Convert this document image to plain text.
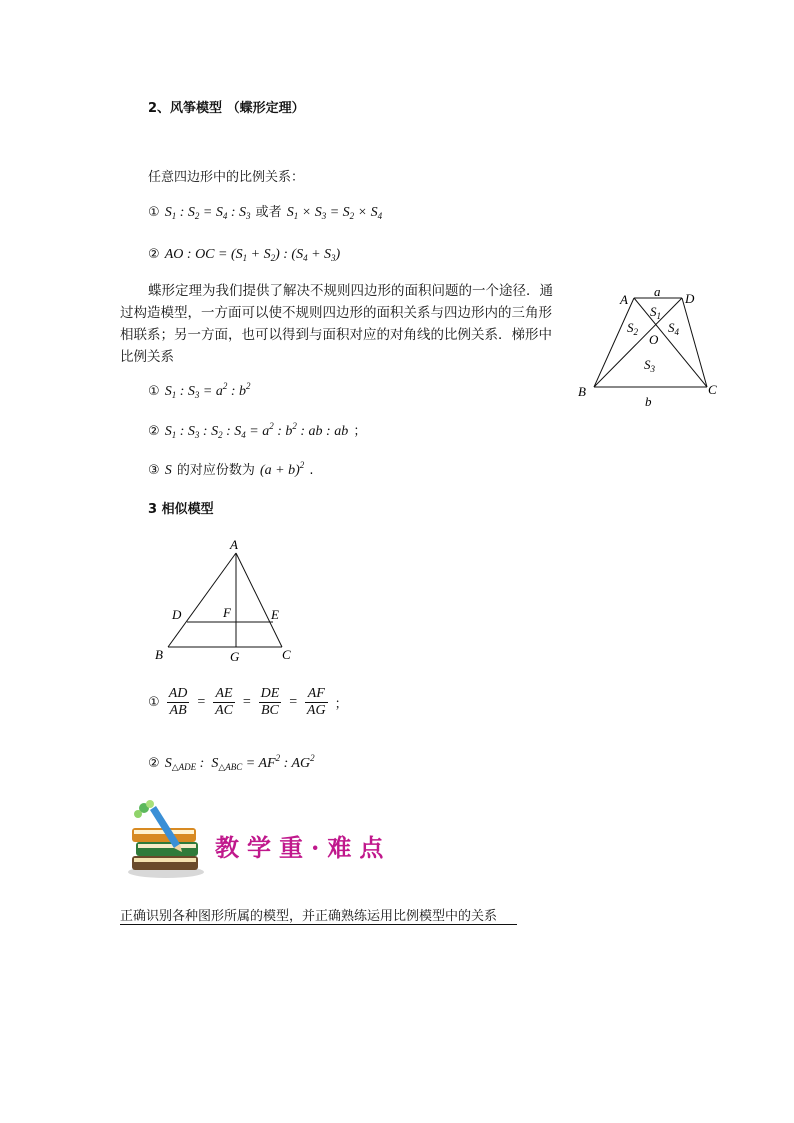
2、风筝模型 （蝶形定理）
任意四边形中的比例关系：
① $S_1$ : $S_2 = S_4$ : $S_3$ 或者 $S_1 \times S_3 = S_2 \times S_4$
② AO : OC = $(S_1 + S_2)$ : $(S_4 + S_3)$
蝶形定理为我们提供了解决不规则四边形的面积问题的一个途径．通过构造模型，一方面可以使不规则四边形的面积关系与四边形内的三角形相联系；另一方面，也可以得到与面积对应的对角线的比例关系．梯形中比例关系
A	D
B	C
a
b
O
$S_1$
$S_2$ $S_4$
$S_3$
① $S_1$ : $S_3 = a^2$ : $b^2$
② $S_1$ : $S_3$ : $S_2$ : $S_4 = a^2$ : $b^2$ : ab : ab ；
③ S 的对应份数为 $(a + b)^2$ .
3 相似模型
A
D	F	E
B	G	C
① $\frac{AD}{AB} = \frac{AE}{AC} = \frac{DE}{BC} = \frac{AF}{AG}$ ；
② $S_{\triangle ADE}$ :  $S_{\triangle ABC} = AF^2$ : $AG^2$
教学重·难点
正确识别各种图形所属的模型，并正确熟练运用比例模型中的关系
